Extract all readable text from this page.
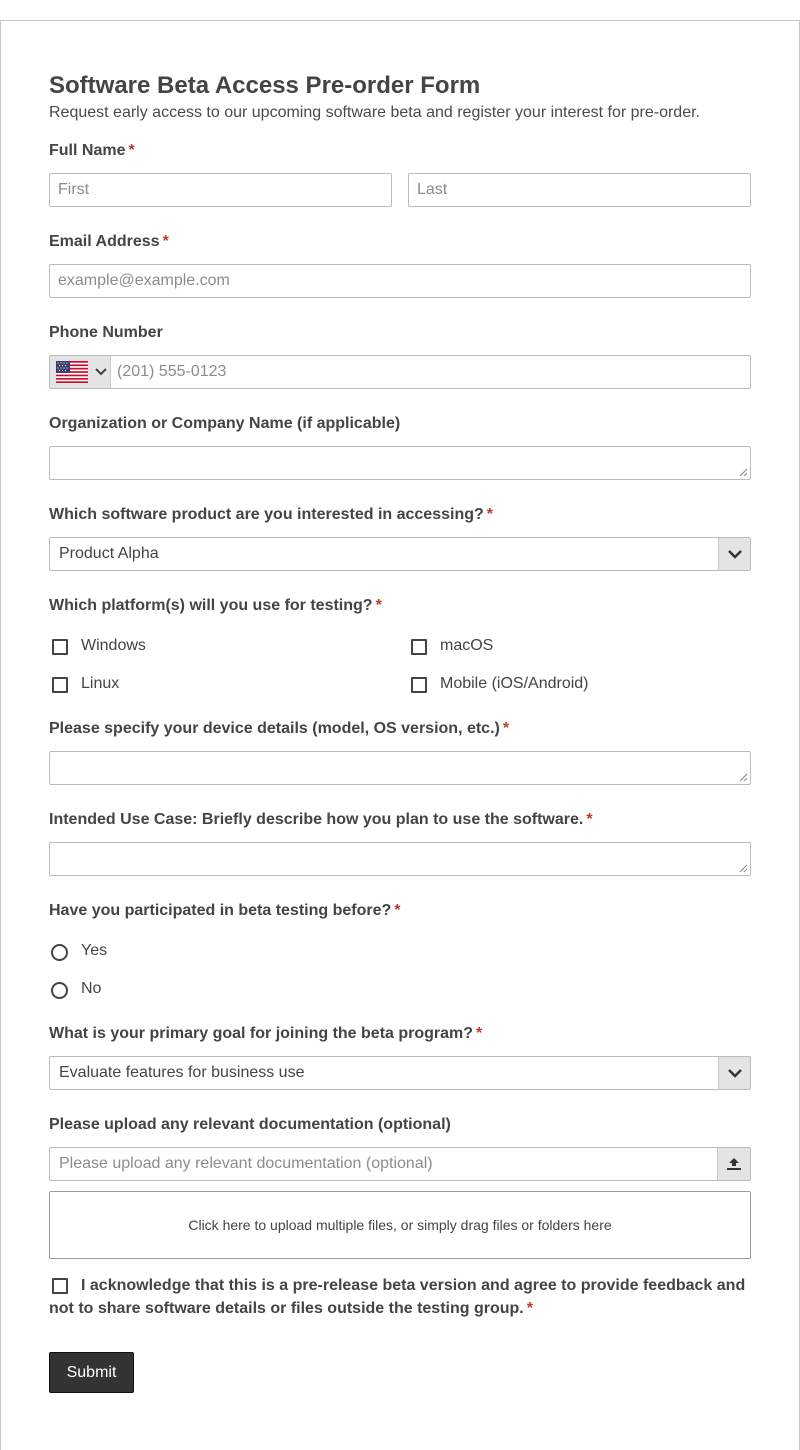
Software Beta Access Pre-order Form
Request early access to our upcoming software beta and register your interest for pre-order.
Full Name *
First
Last
Email Address *
example@example.com
Phone Number
(201) 555-0123
Organization or Company Name (if applicable)
Which software product are you interested in accessing? *
Product Alpha
Which platform(s) will you use for testing? *
Windows	macOS
Linux	Mobile (iOS/Android)
Please specify your device details (model, OS version, etc.) *
Intended Use Case: Briefly describe how you plan to use the software. *
Have you participated in beta testing before? *
Yes
No
What is your primary goal for joining the beta program? *
Evaluate features for business use
Please upload any relevant documentation (optional)
Please upload any relevant documentation (optional)
Click here to upload multiple files, or simply drag files or folders here
I acknowledge that this is a pre-release beta version and agree to provide feedback and not to share software details or files outside the testing group. *
Submit
